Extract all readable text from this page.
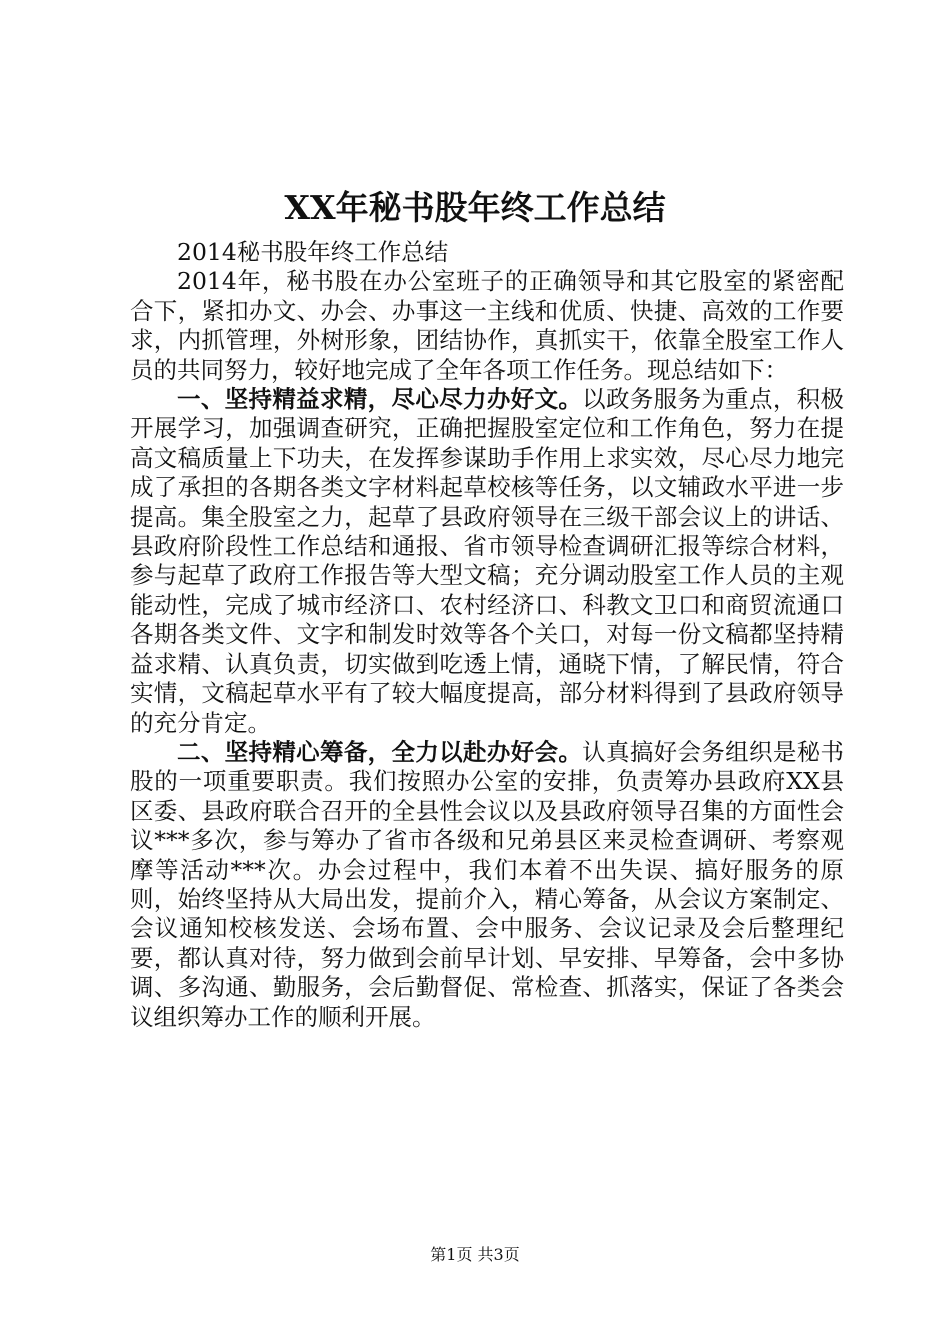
XX年秘书股年终工作总结

2014秘书股年终工作总结

2014年，秘书股在办公室班子的正确领导和其它股室的紧密配合下，紧扣办文、办会、办事这一主线和优质、快捷、高效的工作要求，内抓管理，外树形象，团结协作，真抓实干，依靠全股室工作人员的共同努力，较好地完成了全年各项工作任务。现总结如下：

一、坚持精益求精，尽心尽力办好文。以政务服务为重点，积极开展学习，加强调查研究，正确把握股室定位和工作角色，努力在提高文稿质量上下功夫，在发挥参谋助手作用上求实效，尽心尽力地完成了承担的各期各类文字材料起草校核等任务，以文辅政水平进一步提高。集全股室之力，起草了县政府领导在三级干部会议上的讲话、县政府阶段性工作总结和通报、省市领导检查调研汇报等综合材料，参与起草了政府工作报告等大型文稿；充分调动股室工作人员的主观能动性，完成了城市经济口、农村经济口、科教文卫口和商贸流通口各期各类文件、文字和制发时效等各个关口，对每一份文稿都坚持精益求精、认真负责，切实做到吃透上情，通晓下情，了解民情，符合实情，文稿起草水平有了较大幅度提高，部分材料得到了县政府领导的充分肯定。

二、坚持精心筹备，全力以赴办好会。认真搞好会务组织是秘书股的一项重要职责。我们按照办公室的安排，负责筹办县政府XX县区委、县政府联合召开的全县性会议以及县政府领导召集的方面性会议***多次，参与筹办了省市各级和兄弟县区来灵检查调研、考察观摩等活动***次。办会过程中，我们本着不出失误、搞好服务的原则，始终坚持从大局出发，提前介入，精心筹备，从会议方案制定、会议通知校核发送、会场布置、会中服务、会议记录及会后整理纪要，都认真对待，努力做到会前早计划、早安排、早筹备，会中多协调、多沟通、勤服务，会后勤督促、常检查、抓落实，保证了各类会议组织筹办工作的顺利开展。

第1页 共3页
